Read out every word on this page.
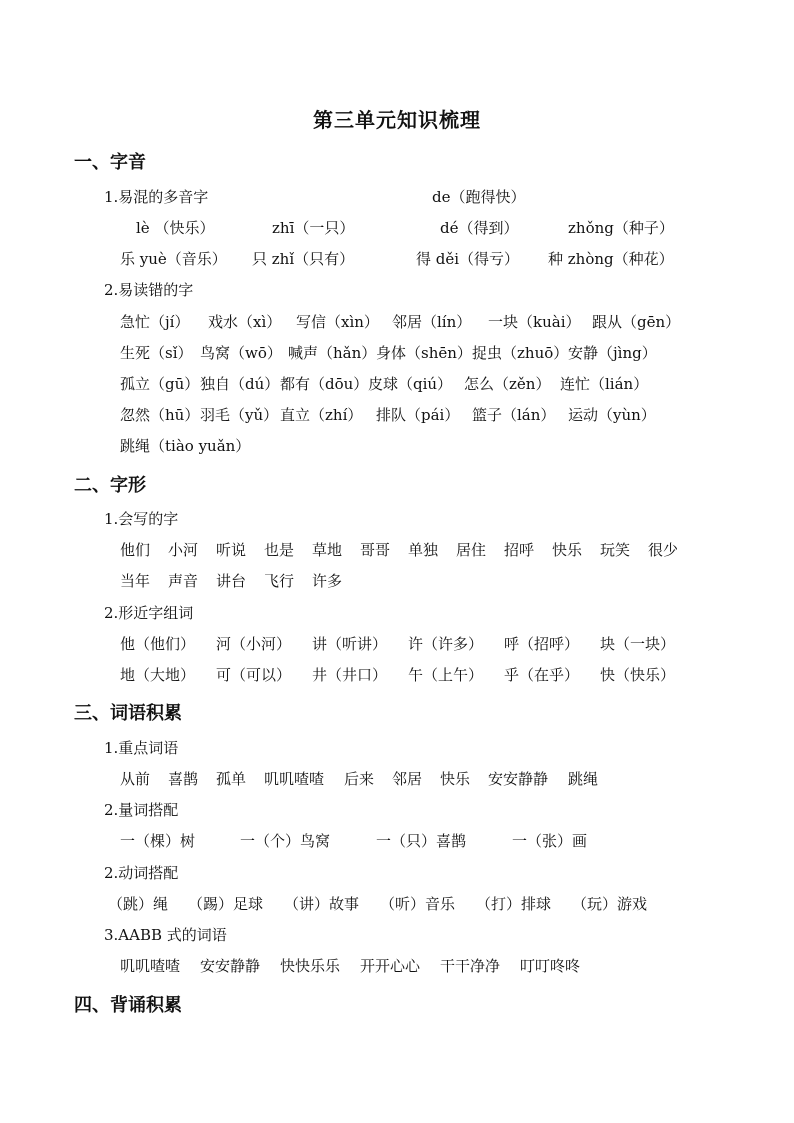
第三单元知识梳理
一、字音
1.易混的多音字	de（跑得快）
lè （快乐）	zhī（一只）	dé（得到）	zhǒng（种子）
乐 yuè（音乐） 只 zhǐ（只有）	得 děi（得亏） 种 zhòng（种花）
2.易读错的字
急忙（jí） 戏水（xì） 写信（xìn） 邻居（lín） 一块（kuài） 跟从（gēn）
生死（sǐ） 鸟窝（wō） 喊声（hǎn） 身体（shēn） 捉虫（zhuō） 安静（jìng）
孤立（gū） 独自（dú） 都有（dōu） 皮球（qiú） 怎么（zěn） 连忙（lián）
忽然（hū） 羽毛（yǔ） 直立（zhí） 排队（pái） 篮子（lán） 运动（yùn）
跳绳（tiào yuǎn）
二、字形
1.会写的字
他们 小河 听说 也是 草地 哥哥 单独 居住 招呼 快乐 玩笑 很少
当年 声音 讲台 飞行 许多
2.形近字组词
他（他们） 河（小河） 讲（听讲） 许（许多） 呼（招呼） 块（一块）
地（大地） 可（可以） 井（井口） 午（上午） 乎（在乎） 快（快乐）
三、词语积累
1.重点词语
从前 喜鹊 孤单 叽叽喳喳 后来 邻居 快乐 安安静静 跳绳
2.量词搭配
一（棵）树	一（个）鸟窝	一（只）喜鹊	一（张）画
2.动词搭配
（跳）绳 （踢）足球 （讲）故事 （听）音乐 （打）排球 （玩）游戏
3.AABB 式的词语
叽叽喳喳 安安静静 快快乐乐 开开心心 干干净净 叮叮咚咚
四、背诵积累
